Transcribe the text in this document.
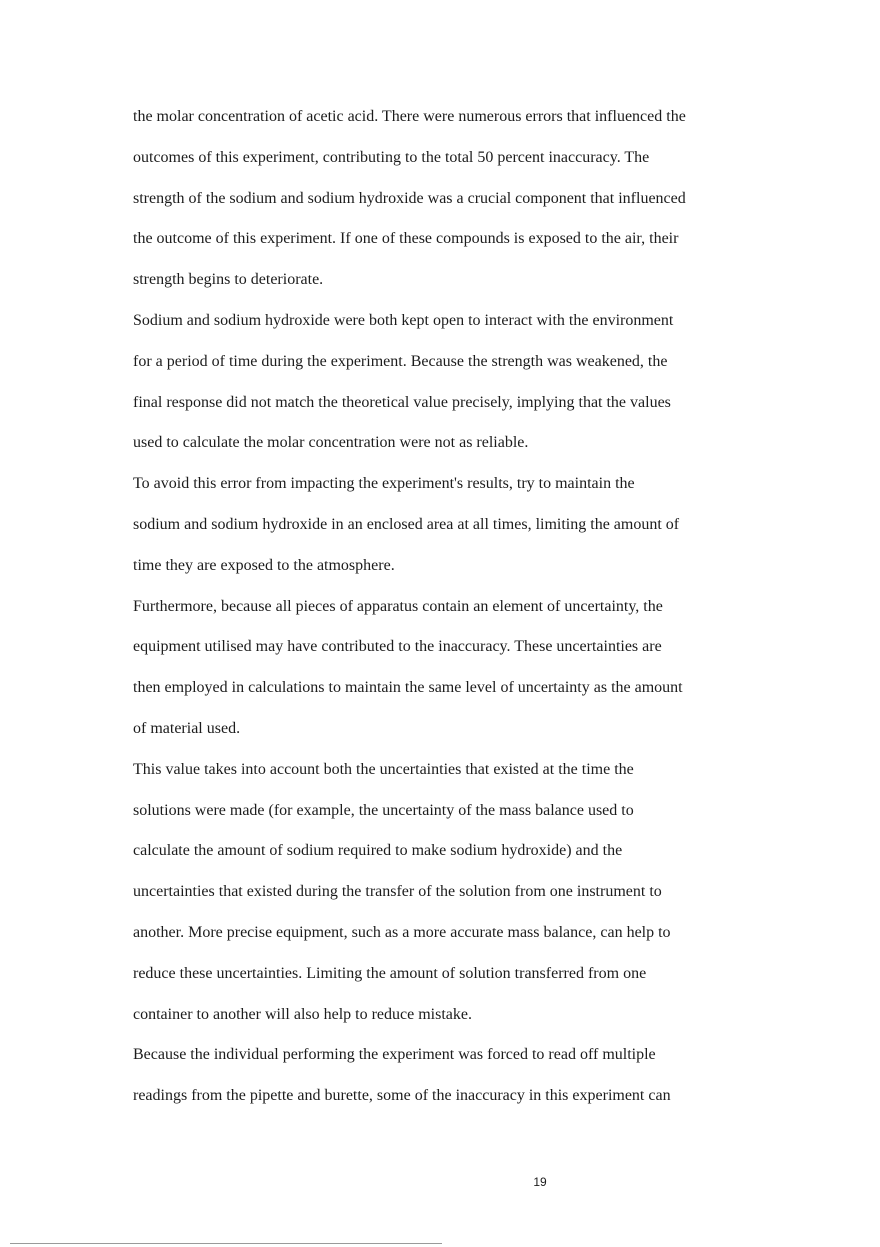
the molar concentration of acetic acid. There were numerous errors that influenced the
outcomes of this experiment, contributing to the total 50 percent inaccuracy. The
strength of the sodium and sodium hydroxide was a crucial component that influenced
the outcome of this experiment. If one of these compounds is exposed to the air, their
strength begins to deteriorate.
Sodium and sodium hydroxide were both kept open to interact with the environment
for a period of time during the experiment. Because the strength was weakened, the
final response did not match the theoretical value precisely, implying that the values
used to calculate the molar concentration were not as reliable.
To avoid this error from impacting the experiment's results, try to maintain the
sodium and sodium hydroxide in an enclosed area at all times, limiting the amount of
time they are exposed to the atmosphere.
Furthermore, because all pieces of apparatus contain an element of uncertainty, the
equipment utilised may have contributed to the inaccuracy. These uncertainties are
then employed in calculations to maintain the same level of uncertainty as the amount
of material used.
This value takes into account both the uncertainties that existed at the time the
solutions were made (for example, the uncertainty of the mass balance used to
calculate the amount of sodium required to make sodium hydroxide) and the
uncertainties that existed during the transfer of the solution from one instrument to
another. More precise equipment, such as a more accurate mass balance, can help to
reduce these uncertainties. Limiting the amount of solution transferred from one
container to another will also help to reduce mistake.
Because the individual performing the experiment was forced to read off multiple
readings from the pipette and burette, some of the inaccuracy in this experiment can
19
